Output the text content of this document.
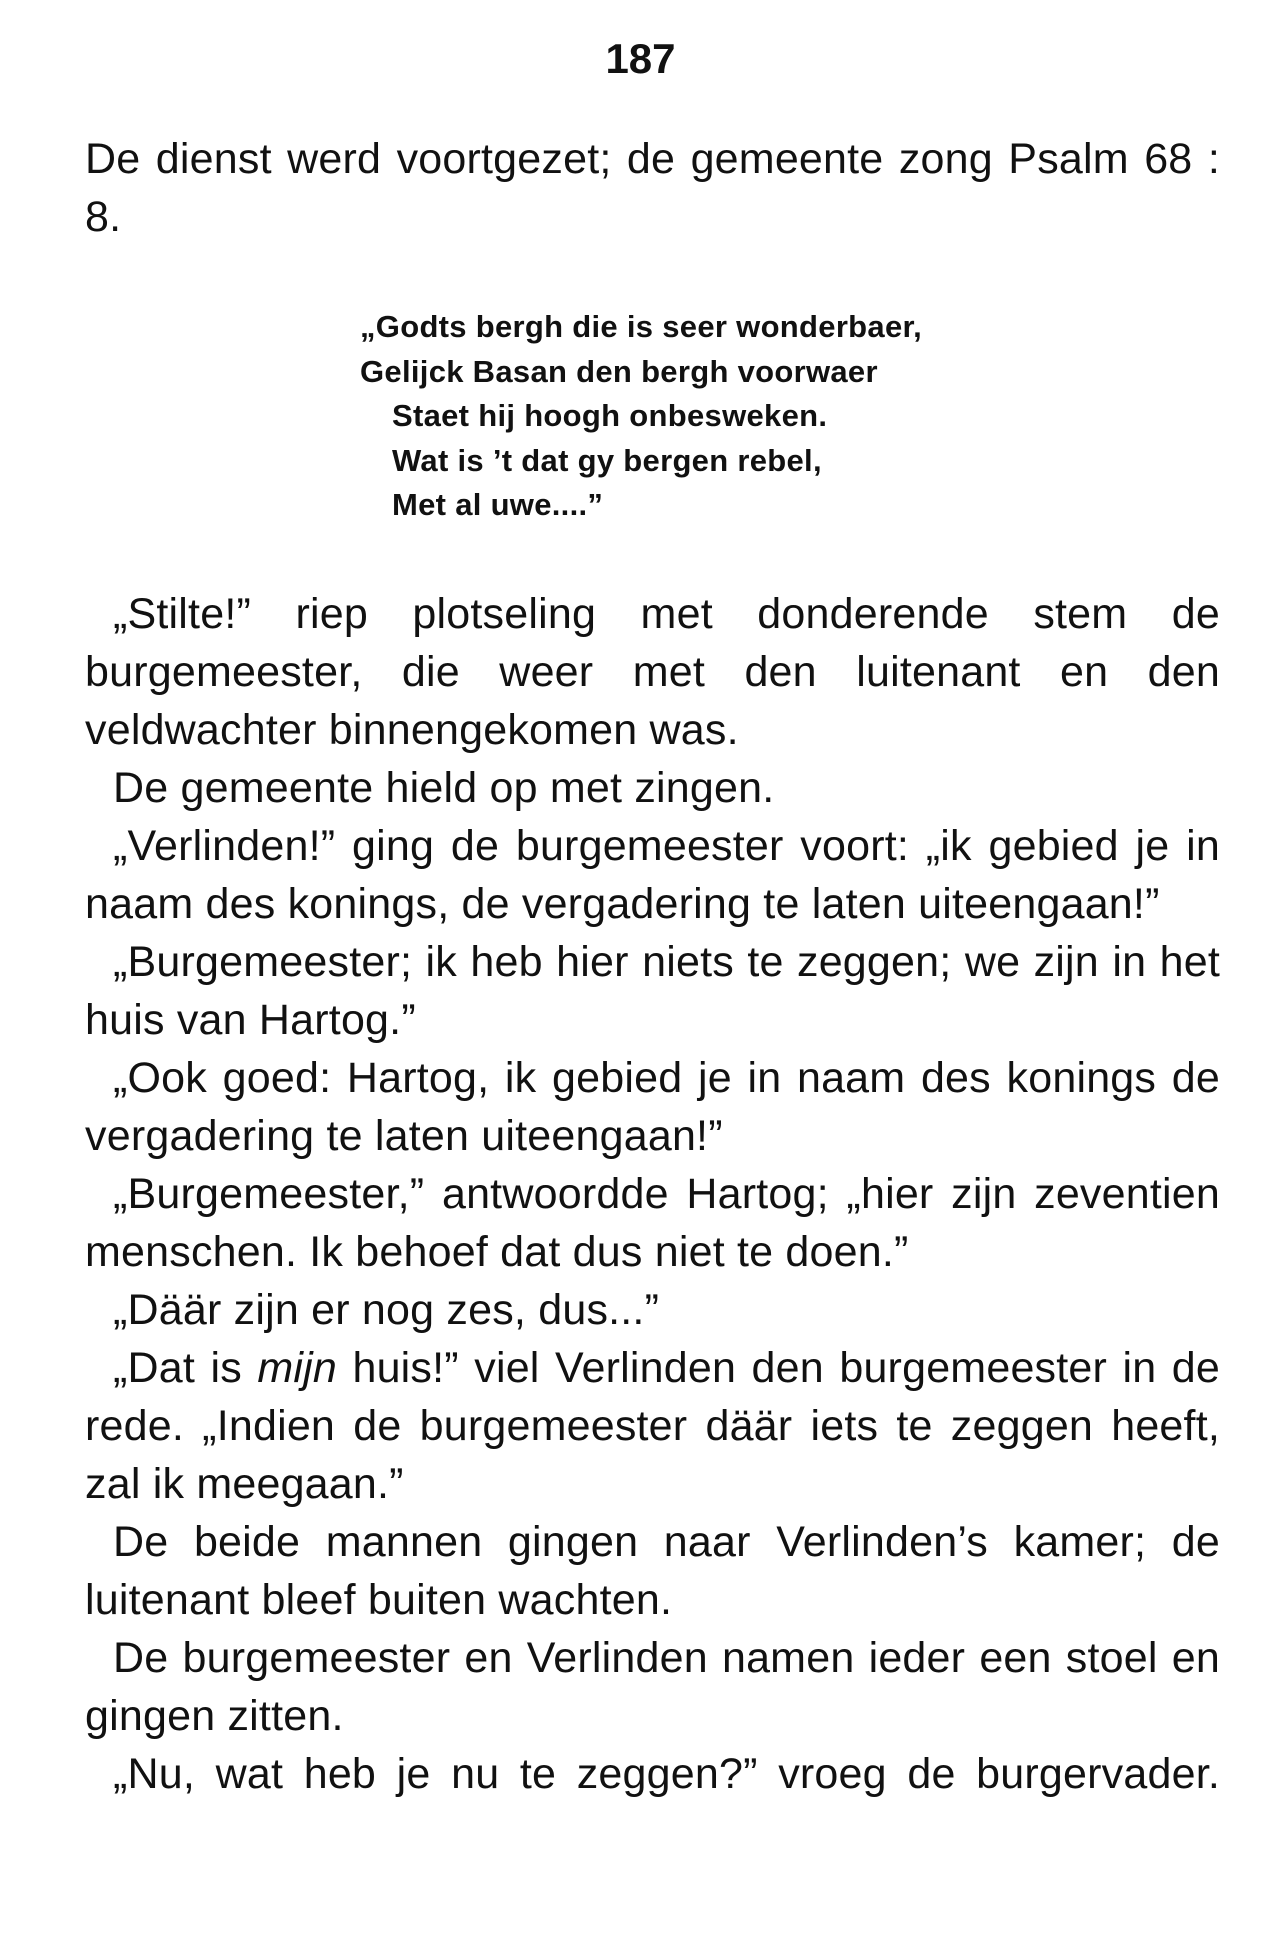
187

De dienst werd voortgezet; de gemeente zong Psalm 68 : 8.

„Godts bergh die is seer wonderbaer,
Gelijck Basan den bergh voorwaer
Staet hij hoogh onbesweken.
Wat is ’t dat gy bergen rebel,
Met al uwe....”

„Stilte!” riep plotseling met donderende stem de burgemeester, die weer met den luitenant en den veldwachter binnengekomen was.

De gemeente hield op met zingen.

„Verlinden!” ging de burgemeester voort: „ik gebied je in naam des konings, de vergadering te laten uiteengaan!”

„Burgemeester; ik heb hier niets te zeggen; we zijn in het huis van Hartog.”

„Ook goed: Hartog, ik gebied je in naam des konings de vergadering te laten uiteengaan!”

„Burgemeester,” antwoordde Hartog; „hier zijn zeventien menschen. Ik behoef dat dus niet te doen.”

„Däär zijn er nog zes, dus...”

„Dat is mijn huis!” viel Verlinden den burgemeester in de rede. „Indien de burgemeester däär iets te zeggen heeft, zal ik meegaan.”

De beide mannen gingen naar Verlinden’s kamer; de luitenant bleef buiten wachten.

De burgemeester en Verlinden namen ieder een stoel en gingen zitten.

„Nu, wat heb je nu te zeggen?” vroeg de burgervader.
